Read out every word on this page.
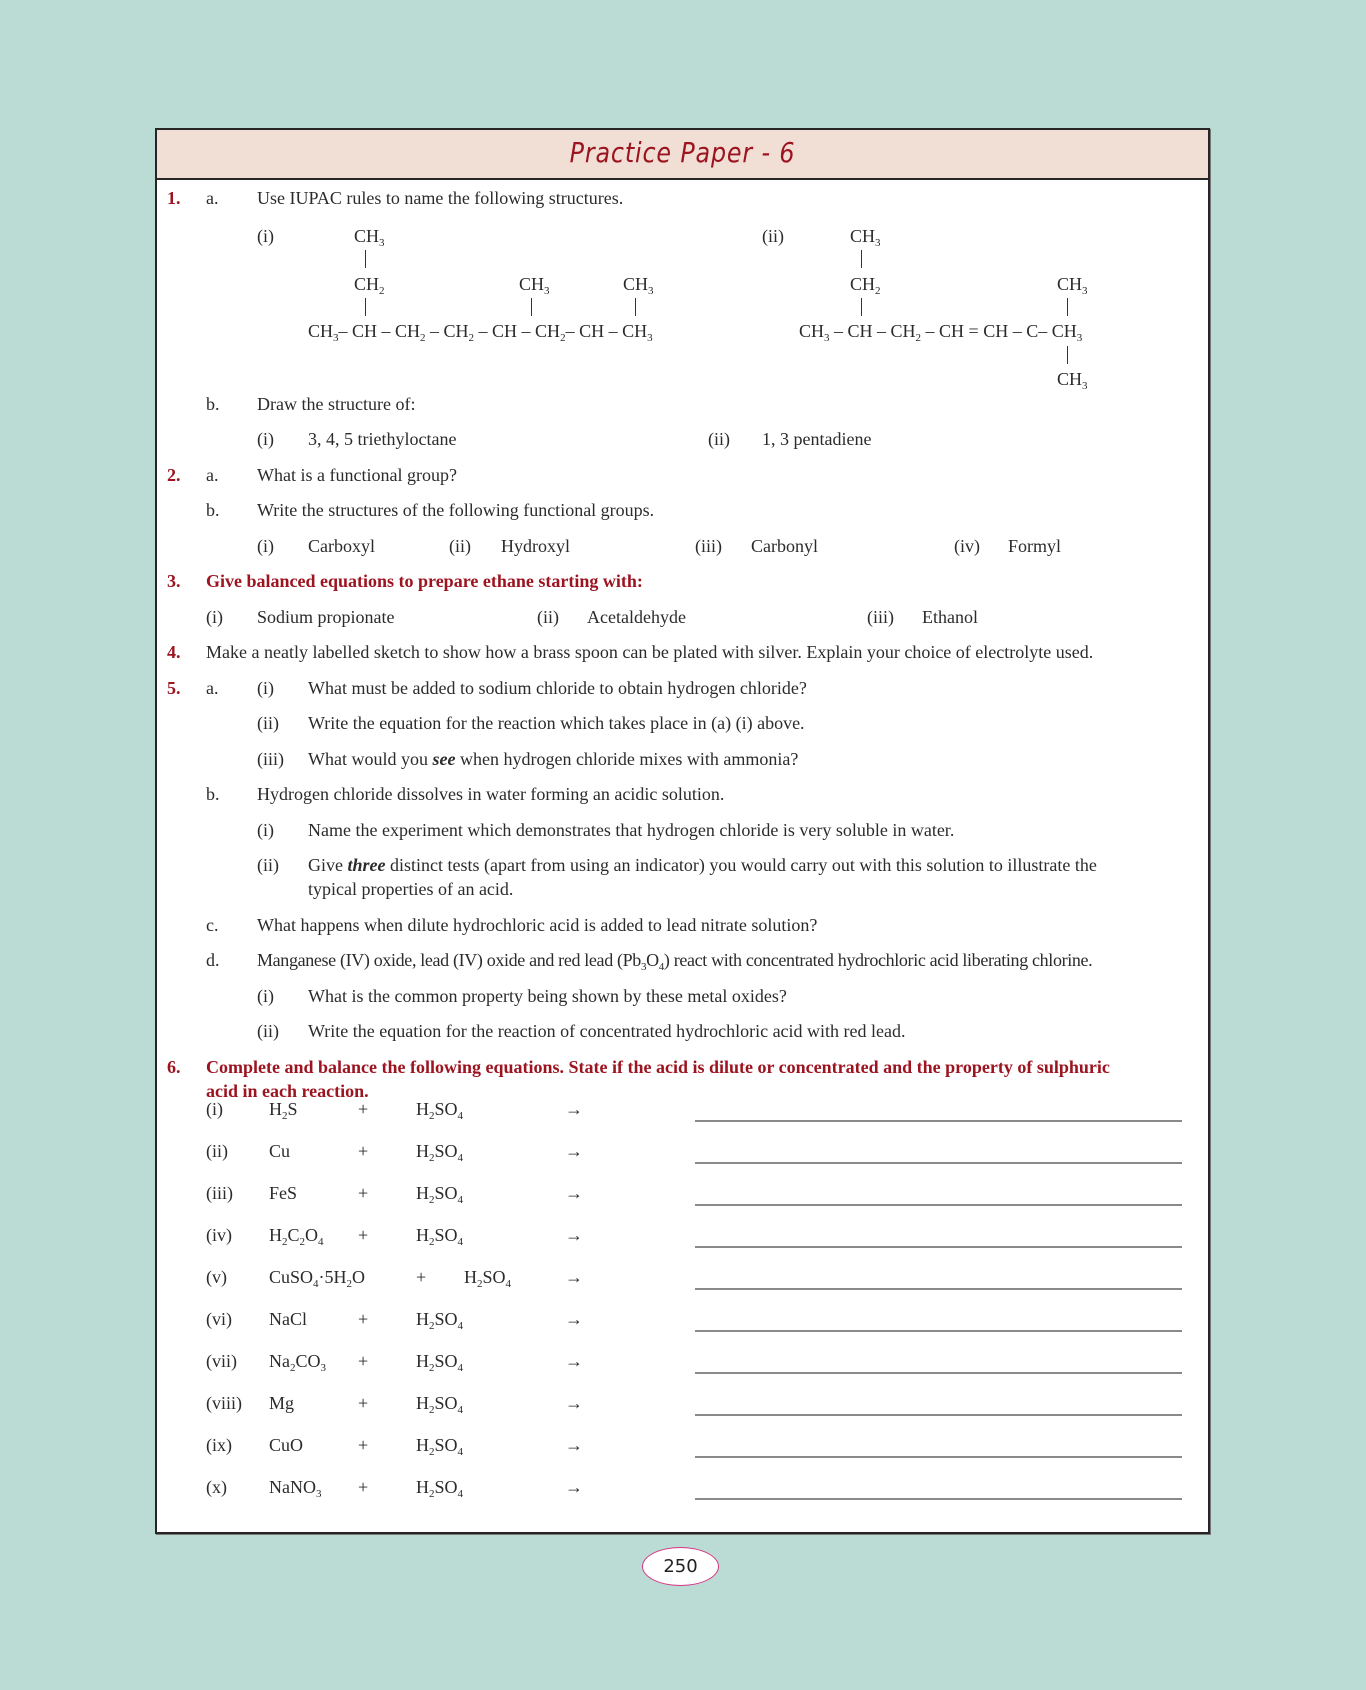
Practice Paper - 6
1. a. Use IUPAC rules to name the following structures.
(i)	$CH_3$
$CH_2$	$CH_3$	$CH_3$
$CH_3-$ CH – $CH_2 - CH_2$ – CH – $CH_2-$ CH – $CH_3$
(ii)	$CH_3$
$CH_2$	$CH_3$
$CH_3$ – CH – $CH_2$ – CH = CH – C– $CH_3$
$CH_3$
b. Draw the structure of:
(i) 3, 4, 5 triethyloctane	(ii) 1, 3 pentadiene
2. a. What is a functional group?
b. Write the structures of the following functional groups.
(i) Carboxyl	(ii) Hydroxyl	(iii) Carbonyl	(iv) Formyl
3. Give balanced equations to prepare ethane starting with:
(i) Sodium propionate	(ii) Acetaldehyde	(iii) Ethanol
4. Make a neatly labelled sketch to show how a brass spoon can be plated with silver. Explain your choice of electrolyte used.
5. a. (i) What must be added to sodium chloride to obtain hydrogen chloride?
(ii) Write the equation for the reaction which takes place in (a) (i) above.
(iii) What would you see when hydrogen chloride mixes with ammonia?
b. Hydrogen chloride dissolves in water forming an acidic solution.
(i) Name the experiment which demonstrates that hydrogen chloride is very soluble in water.
(ii) Give three distinct tests (apart from using an indicator) you would carry out with this solution to illustrate the
typical properties of an acid.
c. What happens when dilute hydrochloric acid is added to lead nitrate solution?
d. Manganese (IV) oxide, lead (IV) oxide and red lead $(Pb_3O_4)$ react with concentrated hydrochloric acid liberating chlorine.
(i) What is the common property being shown by these metal oxides?
(ii) Write the equation for the reaction of concentrated hydrochloric acid with red lead.
6. Complete and balance the following equations. State if the acid is dilute or concentrated and the property of sulphuric
acid in each reaction.
(i)	$H_2S$	+	$H_2SO_4$	→
(ii) Cu	+	$H_2SO_4$	→
(iii) FeS	+	$H_2SO_4$	→
(iv) $H_2C_2O_4$ +	$H_2SO_4$	→
(v) $CuSO_4\cdot 5H_2O$	+ $H_2SO_4$	→
(vi) NaCl	+	$H_2SO_4$	→
(vii) $Na_2CO_3$ +	$H_2SO_4$	→
(viii) Mg	+	$H_2SO_4$	→
(ix) CuO	+	$H_2SO_4$	→
(x) NaNO$_3$ +	$H_2SO_4$	→
250
